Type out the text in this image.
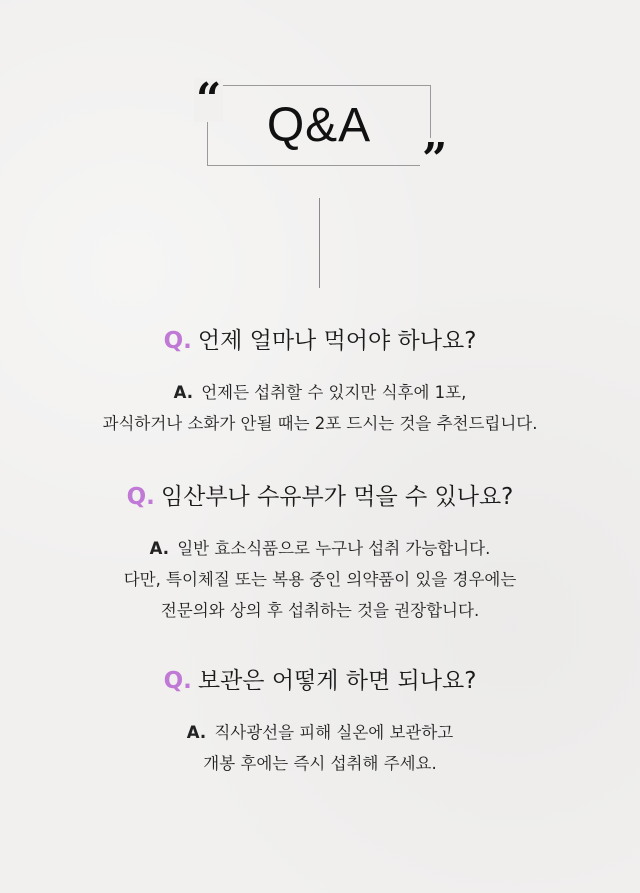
Q&A
“
”
Q. 언제 얼마나 먹어야 하나요?
A. 언제든 섭취할 수 있지만 식후에 1포,
과식하거나 소화가 안될 때는 2포 드시는 것을 추천드립니다.
Q. 임산부나 수유부가 먹을 수 있나요?
A. 일반 효소식품으로 누구나 섭취 가능합니다.
다만, 특이체질 또는 복용 중인 의약품이 있을 경우에는
전문의와 상의 후 섭취하는 것을 권장합니다.
Q. 보관은 어떻게 하면 되나요?
A. 직사광선을 피해 실온에 보관하고
개봉 후에는 즉시 섭취해 주세요.
